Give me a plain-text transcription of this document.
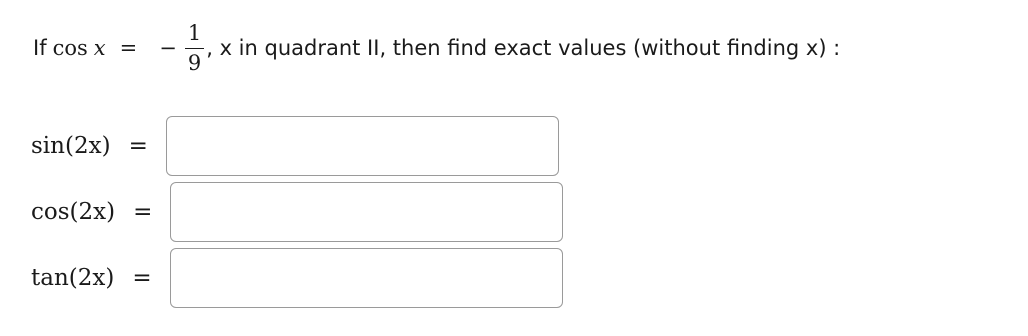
If cos x = − $\frac{1}{9}$ , x in quadrant II, then find exact values (without finding x) :
sin(2x) =
cos(2x) =
tan(2x) =
